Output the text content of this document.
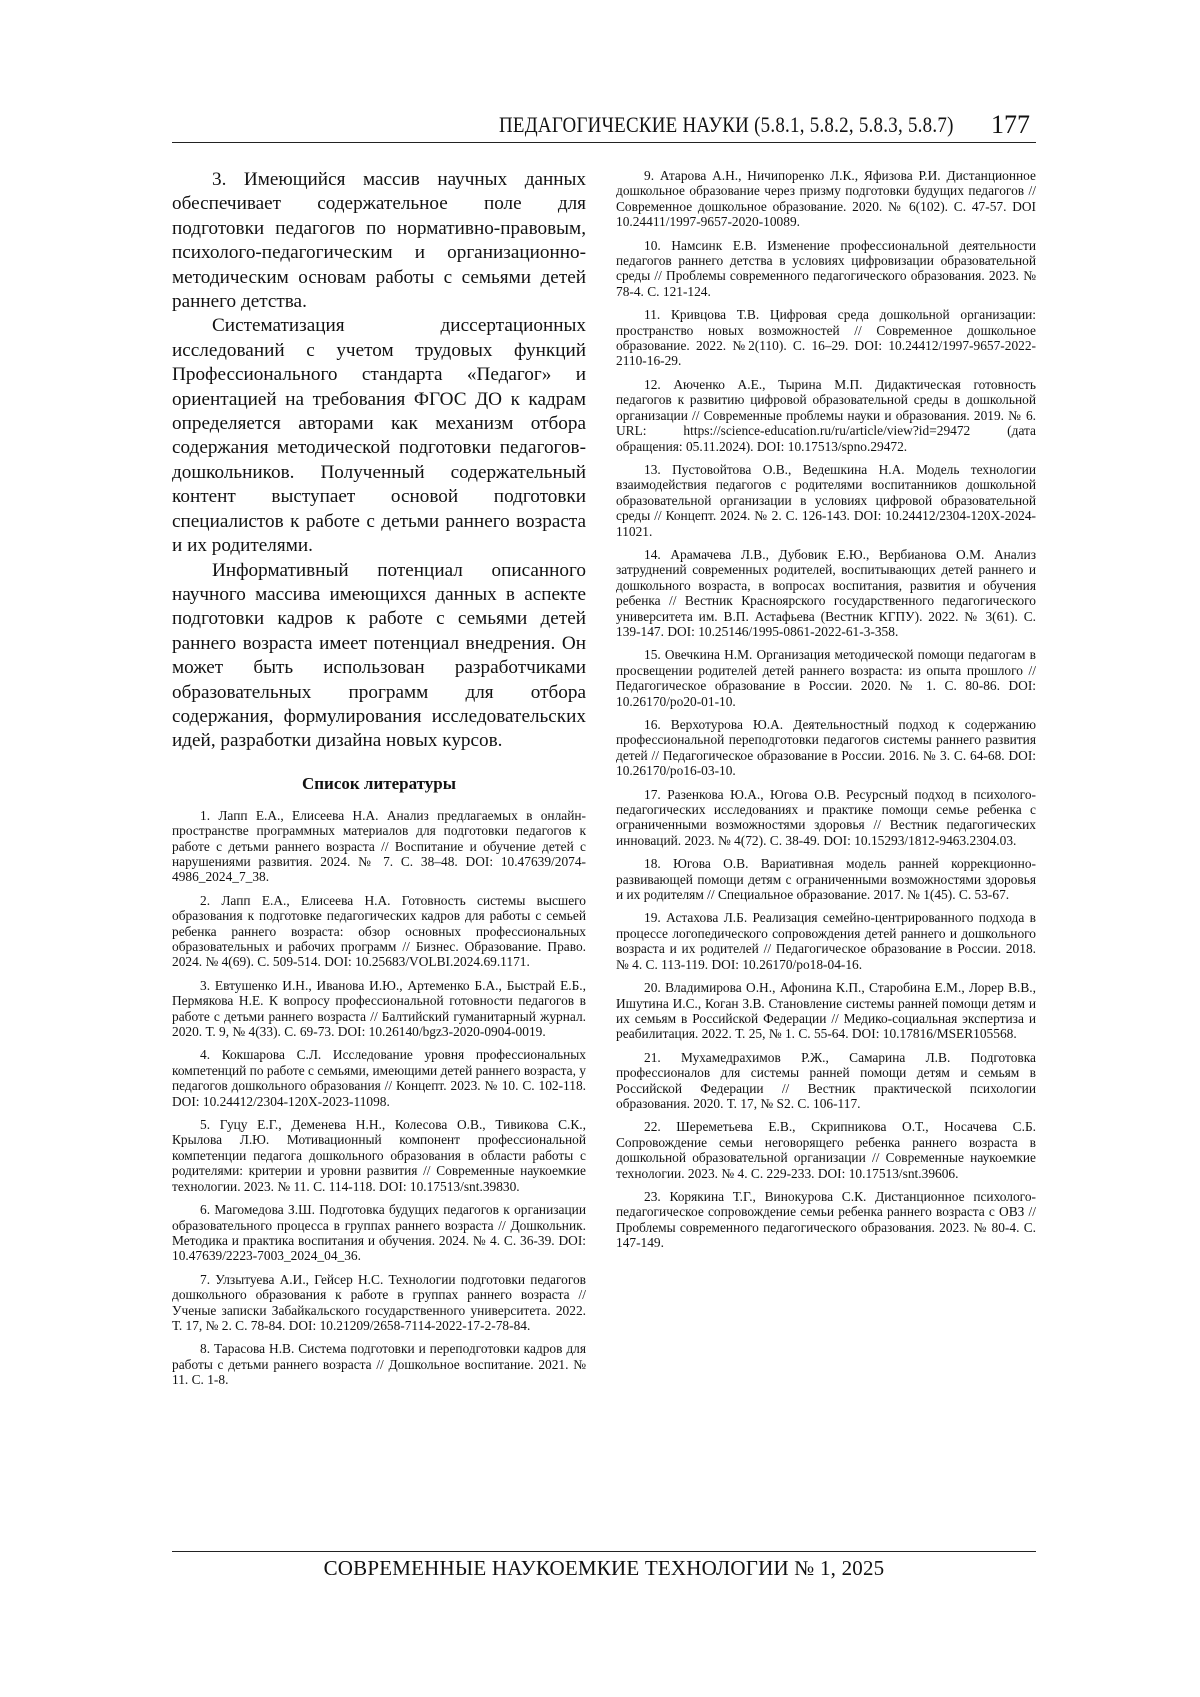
ПЕДАГОГИЧЕСКИЕ НАУКИ (5.8.1, 5.8.2, 5.8.3, 5.8.7) 177

3. Имеющийся массив научных данных обеспечивает содержательное поле для подготовки педагогов по нормативно-правовым, психолого-педагогическим и организационно-методическим основам работы с семьями детей раннего детства.

Систематизация диссертационных исследований с учетом трудовых функций Профессионального стандарта «Педагог» и ориентацией на требования ФГОС ДО к кадрам определяется авторами как механизм отбора содержания методической подготовки педагогов-дошкольников. Полученный содержательный контент выступает основой подготовки специалистов к работе с детьми раннего возраста и их родителями.

Информативный потенциал описанного научного массива имеющихся данных в аспекте подготовки кадров к работе с семьями детей раннего возраста имеет потенциал внедрения. Он может быть использован разработчиками образовательных программ для отбора содержания, формулирования исследовательских идей, разработки дизайна новых курсов.

Список литературы

1. Лапп Е.А., Елисеева Н.А. Анализ предлагаемых в онлайн-пространстве программных материалов для подготовки педагогов к работе с детьми раннего возраста // Воспитание и обучение детей с нарушениями развития. 2024. № 7. С. 38–48. DOI: 10.47639/2074-4986_2024_7_38.

2. Лапп Е.А., Елисеева Н.А. Готовность системы высшего образования к подготовке педагогических кадров для работы с семьей ребенка раннего возраста: обзор основных профессиональных образовательных и рабочих программ // Бизнес. Образование. Право. 2024. № 4(69). С. 509-514. DOI: 10.25683/VOLBI.2024.69.1171.

3. Евтушенко И.Н., Иванова И.Ю., Артеменко Б.А., Быстрай Е.Б., Пермякова Н.Е. К вопросу профессиональной готовности педагогов в работе с детьми раннего возраста // Балтийский гуманитарный журнал. 2020. Т. 9, № 4(33). С. 69-73. DOI: 10.26140/bgz3-2020-0904-0019.

4. Кокшарова С.Л. Исследование уровня профессиональных компетенций по работе с семьями, имеющими детей раннего возраста, у педагогов дошкольного образования // Концепт. 2023. № 10. С. 102-118. DOI: 10.24412/2304-120X-2023-11098.

5. Гуцу Е.Г., Деменева Н.Н., Колесова О.В., Тивикова С.К., Крылова Л.Ю. Мотивационный компонент профессиональной компетенции педагога дошкольного образования в области работы с родителями: критерии и уровни развития // Современные наукоемкие технологии. 2023. № 11. С. 114-118. DOI: 10.17513/snt.39830.

6. Магомедова З.Ш. Подготовка будущих педагогов к организации образовательного процесса в группах раннего возраста // Дошкольник. Методика и практика воспитания и обучения. 2024. № 4. С. 36-39. DOI: 10.47639/2223-7003_2024_04_36.

7. Улзытуева А.И., Гейсер Н.С. Технологии подготовки педагогов дошкольного образования к работе в группах раннего возраста // Ученые записки Забайкальского государственного университета. 2022. Т. 17, № 2. С. 78-84. DOI: 10.21209/2658-7114-2022-17-2-78-84.

8. Тарасова Н.В. Система подготовки и переподготовки кадров для работы с детьми раннего возраста // Дошкольное воспитание. 2021. № 11. С. 1-8.

9. Атарова А.Н., Ничипоренко Л.К., Яфизова Р.И. Дистанционное дошкольное образование через призму подготовки будущих педагогов // Современное дошкольное образование. 2020. № 6(102). С. 47-57. DOI 10.24411/1997-9657-2020-10089.

10. Намсинк Е.В. Изменение профессиональной деятельности педагогов раннего детства в условиях цифровизации образовательной среды // Проблемы современного педагогического образования. 2023. № 78-4. С. 121-124.

11. Кривцова Т.В. Цифровая среда дошкольной организации: пространство новых возможностей // Современное дошкольное образование. 2022. №2(110). С. 16–29. DOI: 10.24412/1997-9657-2022-2110-16-29.

12. Аюченко А.Е., Тырина М.П. Дидактическая готовность педагогов к развитию цифровой образовательной среды в дошкольной организации // Современные проблемы науки и образования. 2019. № 6. URL: https://science-education.ru/ru/article/view?id=29472 (дата обращения: 05.11.2024). DOI: 10.17513/spno.29472.

13. Пустовойтова О.В., Ведешкина Н.А. Модель технологии взаимодействия педагогов с родителями воспитанников дошкольной образовательной организации в условиях цифровой образовательной среды // Концепт. 2024. № 2. С. 126-143. DOI: 10.24412/2304-120X-2024-11021.

14. Арамачева Л.В., Дубовик Е.Ю., Вербианова О.М. Анализ затруднений современных родителей, воспитывающих детей раннего и дошкольного возраста, в вопросах воспитания, развития и обучения ребенка // Вестник Красноярского государственного педагогического университета им. В.П. Астафьева (Вестник КГПУ). 2022. № 3(61). С. 139-147. DOI: 10.25146/1995-0861-2022-61-3-358.

15. Овечкина Н.М. Организация методической помощи педагогам в просвещении родителей детей раннего возраста: из опыта прошлого // Педагогическое образование в России. 2020. № 1. С. 80-86. DOI: 10.26170/po20-01-10.

16. Верхотурова Ю.А. Деятельностный подход к содержанию профессиональной переподготовки педагогов системы раннего развития детей // Педагогическое образование в России. 2016. № 3. С. 64-68. DOI: 10.26170/po16-03-10.

17. Разенкова Ю.А., Югова О.В. Ресурсный подход в психолого-педагогических исследованиях и практике помощи семье ребенка с ограниченными возможностями здоровья // Вестник педагогических инноваций. 2023. № 4(72). С. 38-49. DOI: 10.15293/1812-9463.2304.03.

18. Югова О.В. Вариативная модель ранней коррекционно-развивающей помощи детям с ограниченными возможностями здоровья и их родителям // Специальное образование. 2017. № 1(45). С. 53-67.

19. Астахова Л.Б. Реализация семейно-центрированного подхода в процессе логопедического сопровождения детей раннего и дошкольного возраста и их родителей // Педагогическое образование в России. 2018. № 4. С. 113-119. DOI: 10.26170/po18-04-16.

20. Владимирова О.Н., Афонина К.П., Старобина Е.М., Лорер В.В., Ишутина И.С., Коган З.В. Становление системы ранней помощи детям и их семьям в Российской Федерации // Медико-социальная экспертиза и реабилитация. 2022. Т. 25, № 1. С. 55-64. DOI: 10.17816/MSER105568.

21. Мухамедрахимов Р.Ж., Самарина Л.В. Подготовка профессионалов для системы ранней помощи детям и семьям в Российской Федерации // Вестник практической психологии образования. 2020. Т. 17, № S2. С. 106-117.

22. Шереметьева Е.В., Скрипникова О.Т., Носачева С.Б. Сопровождение семьи неговорящего ребенка раннего возраста в дошкольной образовательной организации // Современные наукоемкие технологии. 2023. № 4. С. 229-233. DOI: 10.17513/snt.39606.

23. Корякина Т.Г., Винокурова С.К. Дистанционное психолого-педагогическое сопровождение семьи ребенка раннего возраста с ОВЗ // Проблемы современного педагогического образования. 2023. № 80-4. С. 147-149.

СОВРЕМЕННЫЕ НАУКОЕМКИЕ ТЕХНОЛОГИИ № 1, 2025
